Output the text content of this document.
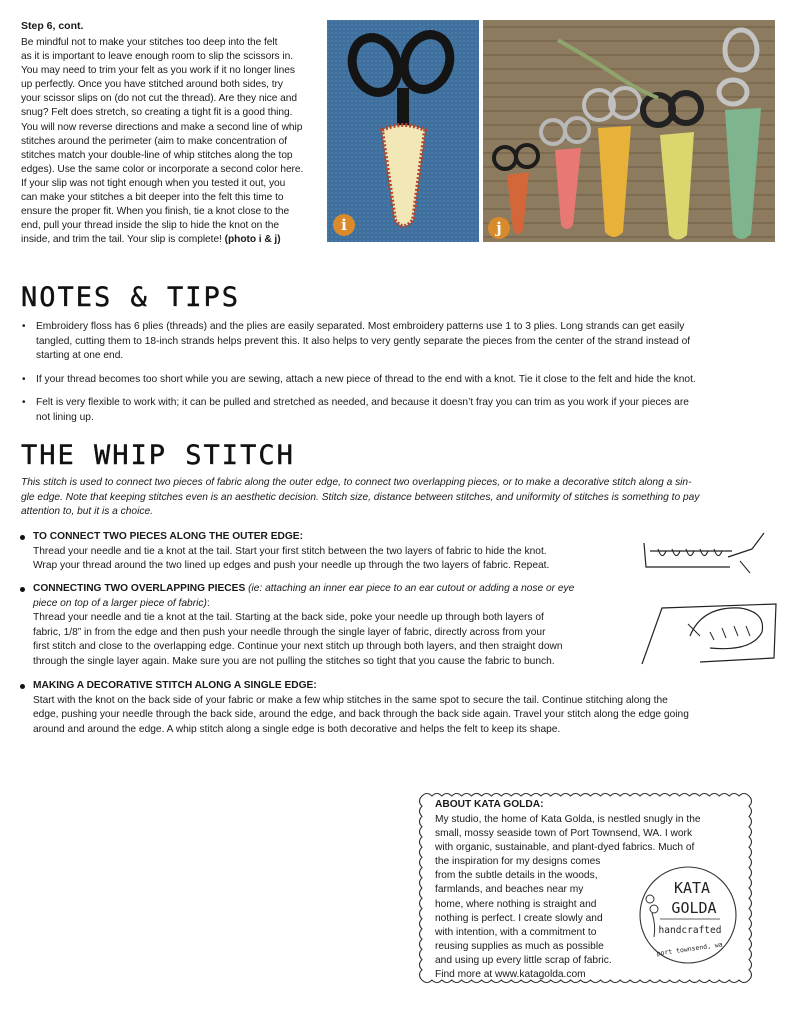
Step 6, cont.
Be mindful not to make your stitches too deep into the felt
as it is important to leave enough room to slip the scissors in.
You may need to trim your felt as you work if it no longer lines
up perfectly. Once you have stitched around both sides, try
your scissor slips on (do not cut the thread). Are they nice and
snug? Felt does stretch, so creating a tight fit is a good thing.
You will now reverse directions and make a second line of whip
stitches around the perimeter (aim to make concentration of
stitches match your double-line of whip stitches along the top
edges). Use the same color or incorporate a second color here.
If your slip was not tight enough when you tested it out, you
can make your stitches a bit deeper into the felt this time to
ensure the proper fit. When you finish, tie a knot close to the
end, pull your thread inside the slip to hide the knot on the
inside, and trim the tail. Your slip is complete! (photo i & j)
i	j
NOTES & TIPS
• Embroidery floss has 6 plies (threads) and the plies are easily separated. Most embroidery patterns use 1 to 3 plies. Long strands can get easily
tangled, cutting them to 18-inch strands helps prevent this. It also helps to very gently separate the pieces from the center of the strand instead of
starting at one end.
• If your thread becomes too short while you are sewing, attach a new piece of thread to the end with a knot. Tie it close to the felt and hide the knot.
• Felt is very flexible to work with; it can be pulled and stretched as needed, and because it doesn’t fray you can trim as you work if your pieces are
not lining up.
THE WHIP STITCH
This stitch is used to connect two pieces of fabric along the outer edge, to connect two overlapping pieces, or to make a decorative stitch along a sin-
gle edge. Note that keeping stitches even is an aesthetic decision. Stitch size, distance between stitches, and uniformity of stitches is something to pay
attention to, but it is a choice.
TO CONNECT TWO PIECES ALONG THE OUTER EDGE:
Thread your needle and tie a knot at the tail. Start your first stitch between the two layers of fabric to hide the knot.
Wrap your thread around the two lined up edges and push your needle up through the two layers of fabric. Repeat.
CONNECTING TWO OVERLAPPING PIECES (ie: attaching an inner ear piece to an ear cutout or adding a nose or eye
piece on top of a larger piece of fabric):
Thread your needle and tie a knot at the tail. Starting at the back side, poke your needle up through both layers of
fabric, 1/8” in from the edge and then push your needle through the single layer of fabric, directly across from your
first stitch and close to the overlapping edge. Continue your next stitch up through both layers, and then straight down
through the single layer again. Make sure you are not pulling the stitches so tight that you cause the fabric to bunch.
MAKING A DECORATIVE STITCH ALONG A SINGLE EDGE:
Start with the knot on the back side of your fabric or make a few whip stitches in the same spot to secure the tail. Continue stitching along the
edge, pushing your needle through the back side, around the edge, and back through the back side again. Travel your stitch along the edge going
around and around the edge. A whip stitch along a single edge is both decorative and helps the felt to keep its shape.
ABOUT KATA GOLDA:
My studio, the home of Kata Golda, is nestled snugly in the
small, mossy seaside town of Port Townsend, WA. I work
with organic, sustainable, and plant-dyed fabrics. Much of
the inspiration for my designs comes
from the subtle details in the woods,
farmlands, and beaches near my
home, where nothing is straight and
nothing is perfect. I create slowly and
with intention, with a commitment to
reusing supplies as much as possible
and using up every little scrap of fabric.
Find more at www.katagolda.com
KATA
GOLDA
handcrafted
port townsend, wa
